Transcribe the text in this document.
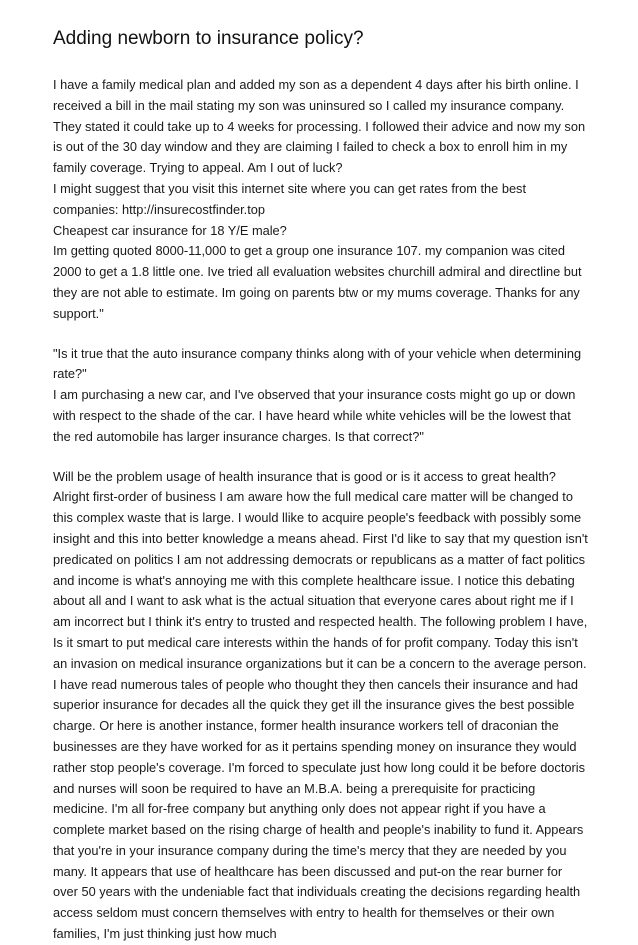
Adding newborn to insurance policy?

I have a family medical plan and added my son as a dependent 4 days after his birth online. I received a bill in the mail stating my son was uninsured so I called my insurance company. They stated it could take up to 4 weeks for processing. I followed their advice and now my son is out of the 30 day window and they are claiming I failed to check a box to enroll him in my family coverage. Trying to appeal. Am I out of luck?

I might suggest that you visit this internet site where you can get rates from the best companies: http://insurecostfinder.top

Cheapest car insurance for 18 Y/E male?

Im getting quoted 8000-11,000 to get a group one insurance 107. my companion was cited 2000 to get a 1.8 little one. Ive tried all evaluation websites churchill admiral and directline but they are not able to estimate. Im going on parents btw or my mums coverage. Thanks for any support."

"Is it true that the auto insurance company thinks along with of your vehicle when determining rate?"

I am purchasing a new car, and I've observed that your insurance costs might go up or down with respect to the shade of the car. I have heard while white vehicles will be the lowest that the red automobile has larger insurance charges. Is that correct?"

Will be the problem usage of health insurance that is good or is it access to great health?

Alright first-order of business I am aware how the full medical care matter will be changed to this complex waste that is large. I would llike to acquire people's feedback with possibly some insight and this into better knowledge a means ahead. First I'd like to say that my question isn't predicated on politics I am not addressing democrats or republicans as a matter of fact politics and income is what's annoying me with this complete healthcare issue. I notice this debating about all and I want to ask what is the actual situation that everyone cares about right me if I am incorrect but I think it's entry to trusted and respected health. The following problem I have, Is it smart to put medical care interests within the hands of for profit company. Today this isn't an invasion on medical insurance organizations but it can be a concern to the average person. I have read numerous tales of people who thought they then cancels their insurance and had superior insurance for decades all the quick they get ill the insurance gives the best possible charge. Or here is another instance, former health insurance workers tell of draconian the businesses are they have worked for as it pertains spending money on insurance they would rather stop people's coverage. I'm forced to speculate just how long could it be before doctoris and nurses will soon be required to have an M.B.A. being a prerequisite for practicing medicine. I'm all for-free company but anything only does not appear right if you have a complete market based on the rising charge of health and people's inability to fund it. Appears that you're in your insurance company during the time's mercy that they are needed by you many. It appears that use of healthcare has been discussed and put-on the rear burner for over 50 years with the undeniable fact that individuals creating the decisions regarding health access seldom must concern themselves with entry to health for themselves or their own families, I'm just thinking just how much
